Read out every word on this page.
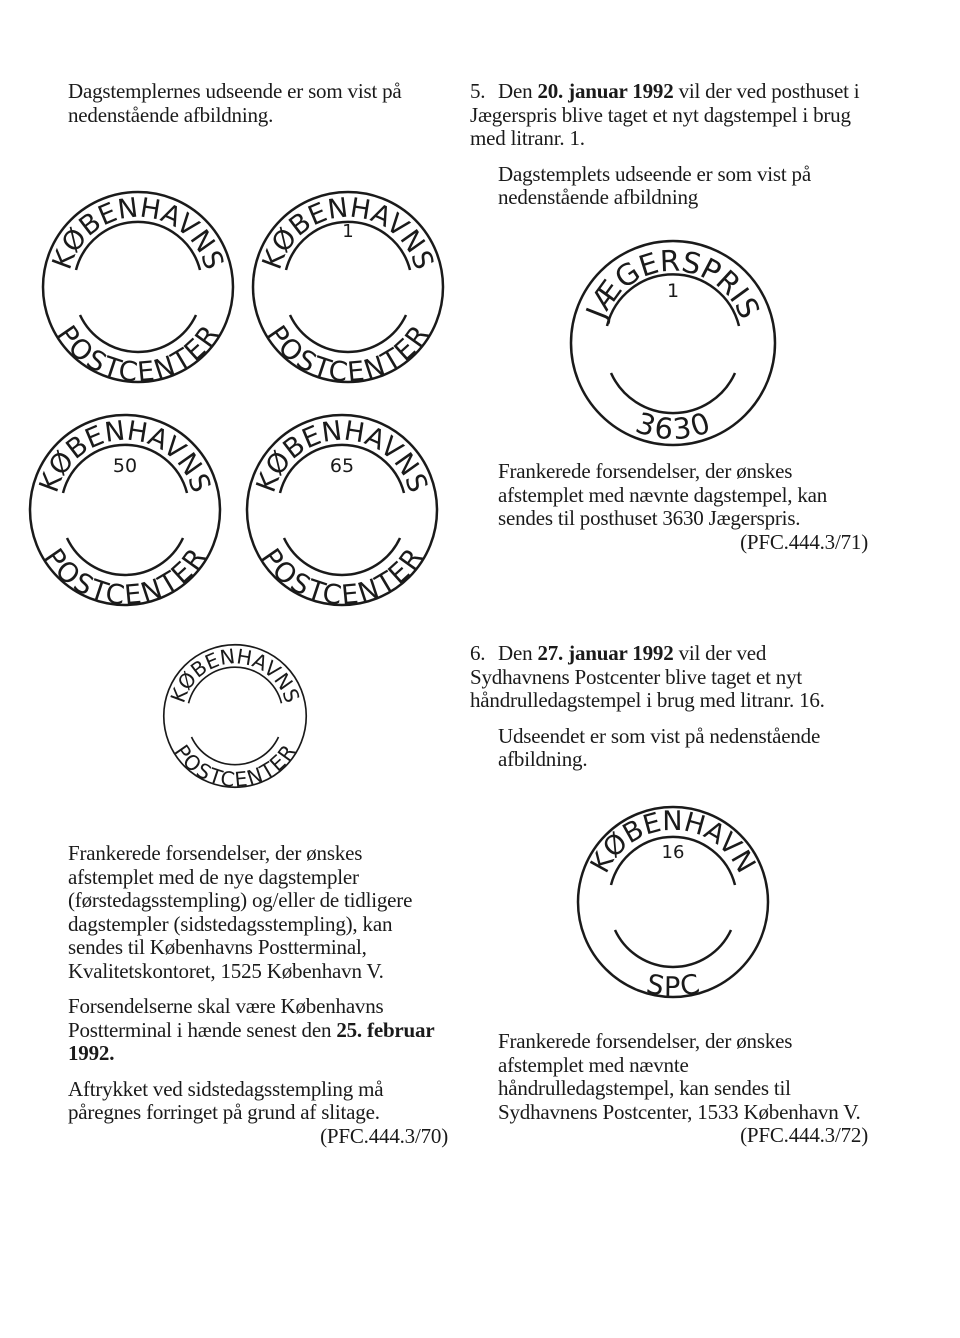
Dagstemplernes udseende er som vist på nedenstående afbildning.

Frankerede forsendelser, der ønskes afstemplet med de nye dagstempler (førstedagsstempling) og/eller de tidligere dagstempler (sidstedagsstempling), kan sendes til Københavns Postterminal, Kvalitetskontoret, 1525 København V.

Forsendelserne skal være Københavns Postterminal i hænde senest den 25. februar 1992.

Aftrykket ved sidstedagsstempling må påregnes forringet på grund af slitage.

(PFC.444.3/70)

5. Den 20. januar 1992 vil der ved posthuset i Jægerspris blive taget et nyt dagstempel i brug med litranr. 1.

Dagstemplets udseende er som vist på nedenstående afbildning

Frankerede forsendelser, der ønskes afstemplet med nævnte dagstempel, kan sendes til posthuset 3630 Jægerspris.

(PFC.444.3/71)

6. Den 27. januar 1992 vil der ved Sydhavnens Postcenter blive taget et nyt håndrulledagstempel i brug med litranr. 16.

Udseendet er som vist på nedenstående afbildning.

Frankerede forsendelser, der ønskes afstemplet med nævnte håndrulledagstempel, kan sendes til Sydhavnens Postcenter, 1533 København V.

(PFC.444.3/72)

KØBENHAVNS
POSTCENTER
KØBENHAVNS
POSTCENTER
1
KØBENHAVNS
POSTCENTER
50
KØBENHAVNS
POSTCENTER
65
KØBENHAVNS
POSTCENTER
JÆGERSPRIS
3630
1
KØBENHAVN
SPC
16
